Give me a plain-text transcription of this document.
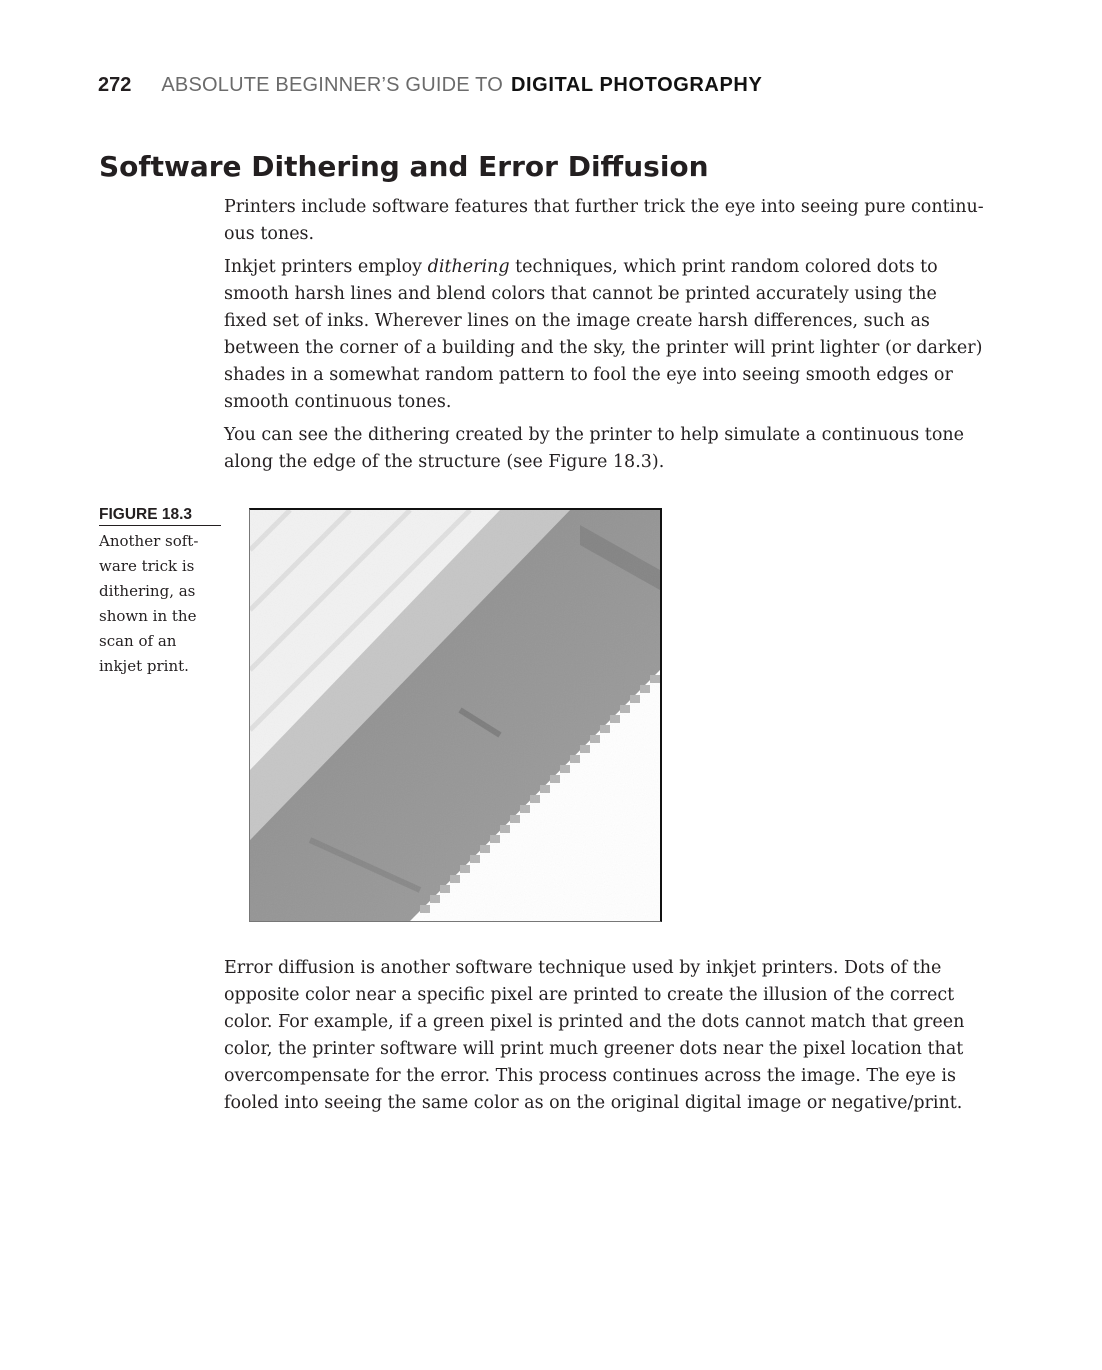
272 ABSOLUTE BEGINNER’S GUIDE TO DIGITAL PHOTOGRAPHY
Software Dithering and Error Diffusion

Printers include software features that further trick the eye into seeing pure continu-ous tones.

Inkjet printers employ dithering techniques, which print random colored dots to smooth harsh lines and blend colors that cannot be printed accurately using the fixed set of inks. Wherever lines on the image create harsh differences, such as between the corner of a building and the sky, the printer will print lighter (or darker) shades in a somewhat random pattern to fool the eye into seeing smooth edges or smooth continuous tones.

You can see the dithering created by the printer to help simulate a continuous tone along the edge of the structure (see Figure 18.3).

FIGURE 18.3
Another soft-ware trick is dithering, as shown in the scan of an inkjet print.

Error diffusion is another software technique used by inkjet printers. Dots of the opposite color near a specific pixel are printed to create the illusion of the correct color. For example, if a green pixel is printed and the dots cannot match that green color, the printer software will print much greener dots near the pixel location that overcompensate for the error. This process continues across the image. The eye is fooled into seeing the same color as on the original digital image or negative/print.
